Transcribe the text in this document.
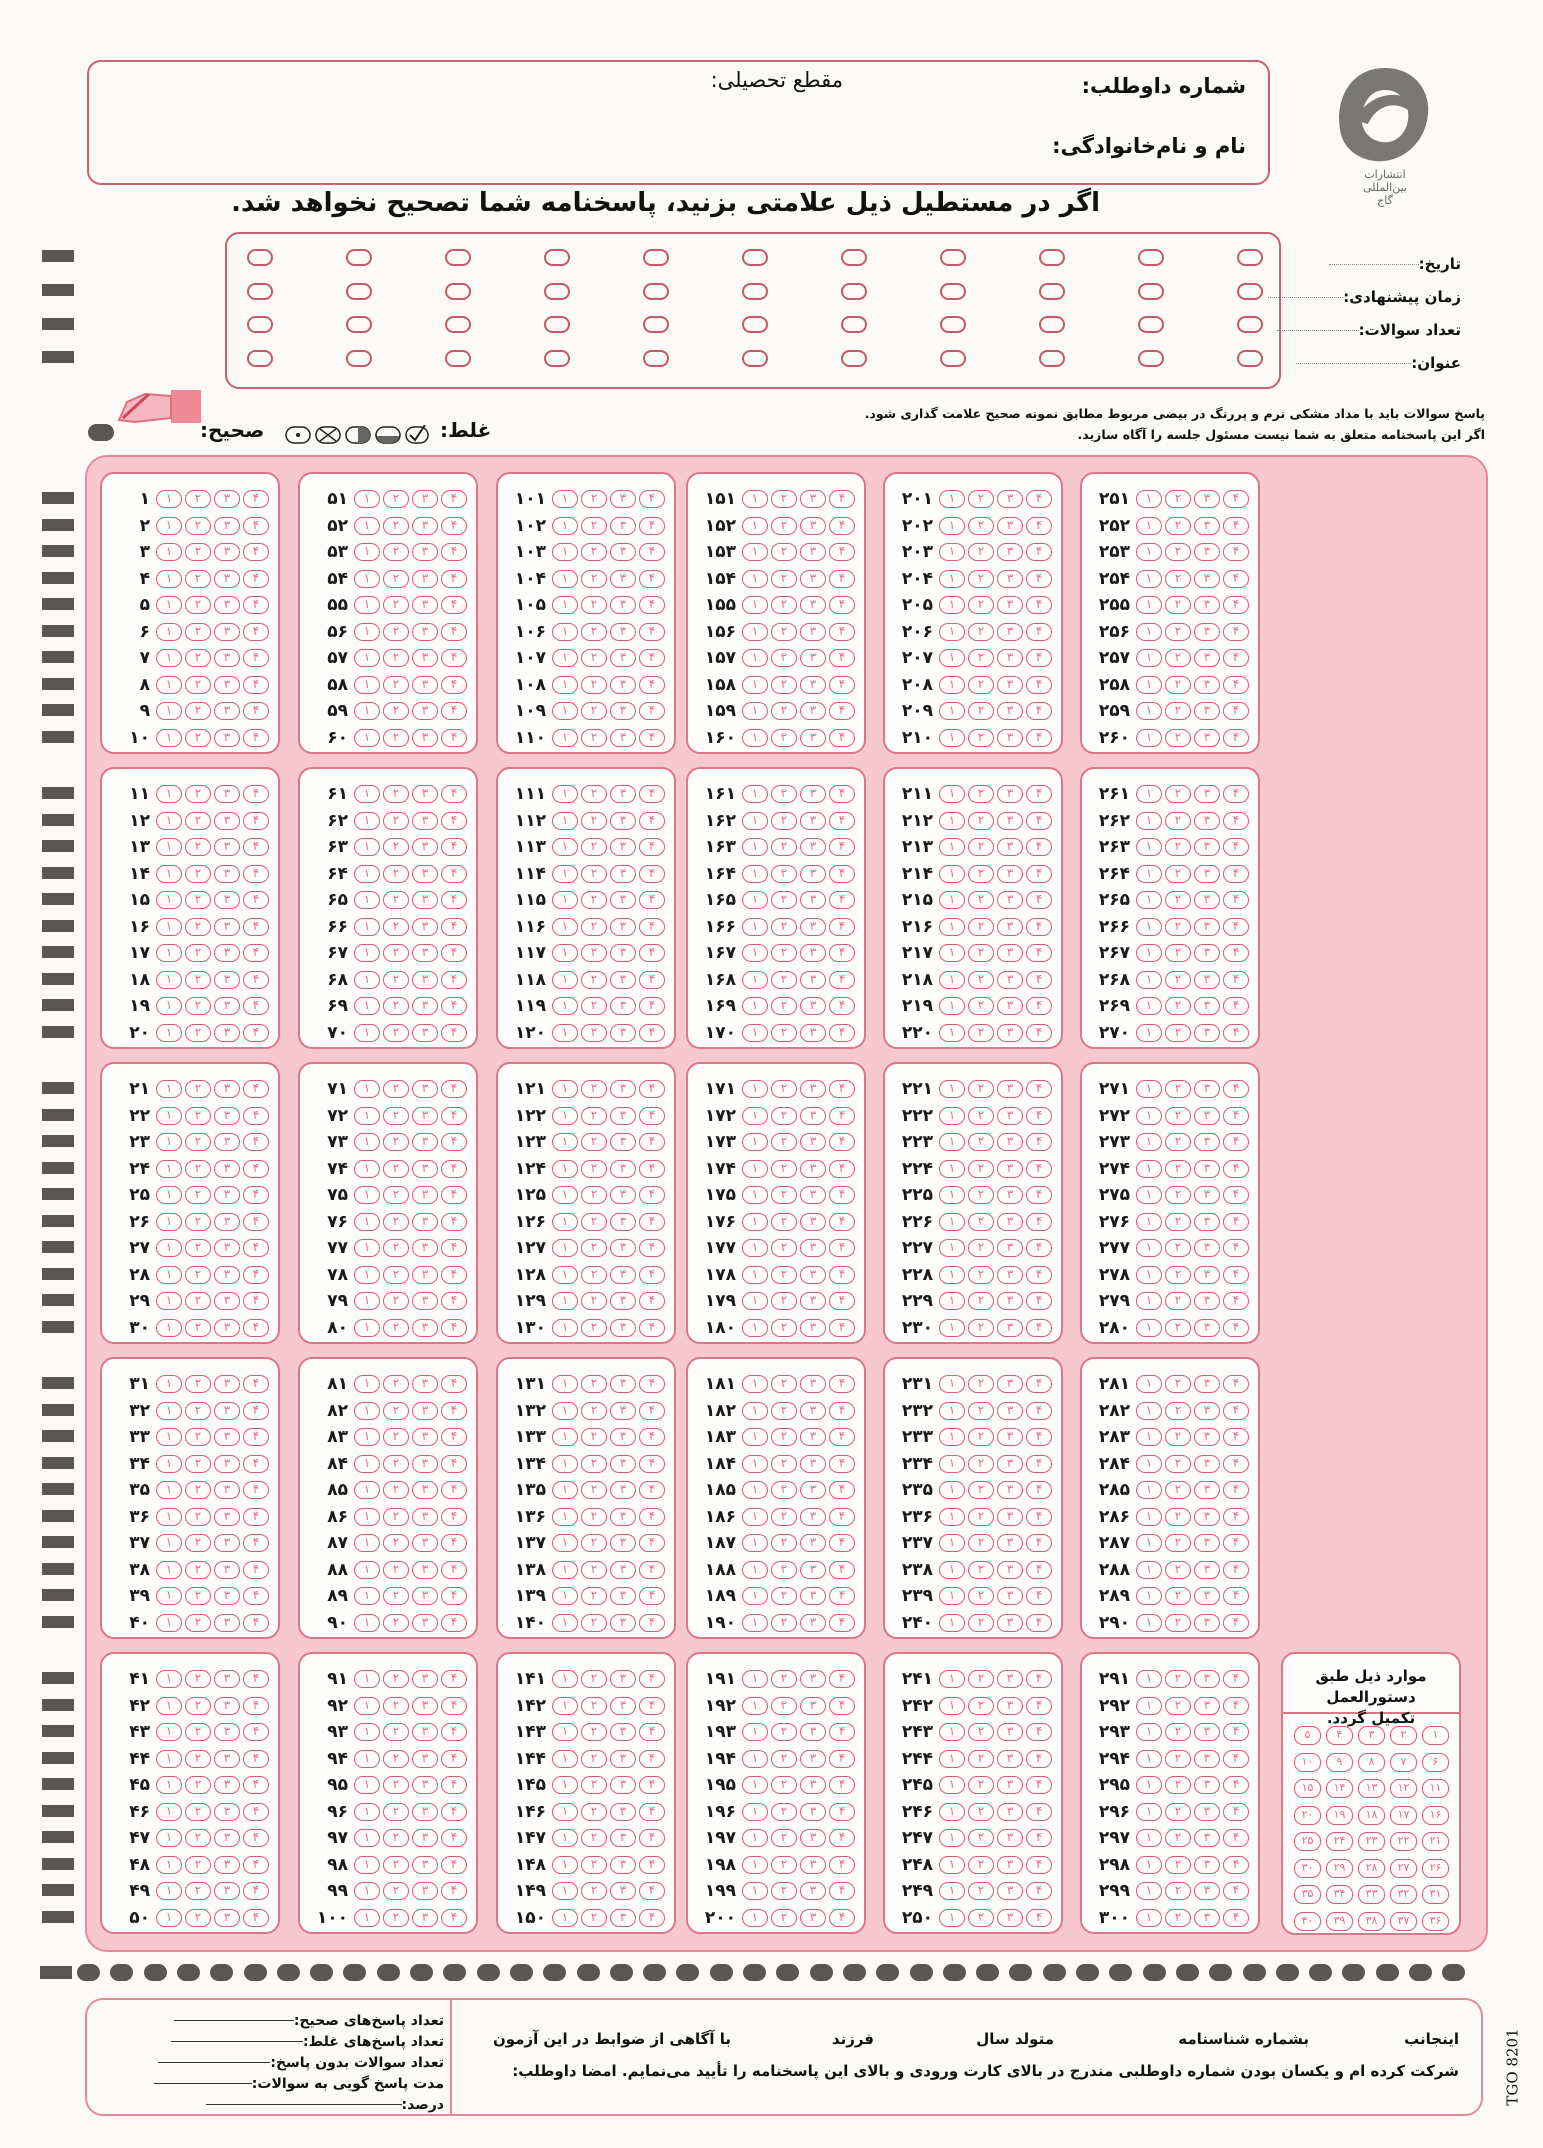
شماره داوطلب:
نام و نام‌خانوادگی:
مقطع تحصیلی:
انتشارات
بین‌المللی
گاج
اگر در مستطیل ذیل علامتی بزنید، پاسخنامه شما تصحیح نخواهد شد.
تاریخ:
زمان پیشنهادی:
تعداد سوالات:
عنوان:
پاسخ سوالات باید با مداد مشکی نرم و پررنگ در بیضی مربوط مطابق نمونه صحیح علامت گذاری شود.
اگر این پاسخنامه متعلق به شما نیست مسئول جلسه را آگاه سازید.
صحیح:	غلط:
۱	۱	۲	۳	۴
۲	۱	۲	۳	۴
۳	۱	۲	۳	۴
۴	۱	۲	۳	۴
۵	۱	۲	۳	۴
۶	۱	۲	۳	۴
۷	۱	۲	۳	۴
۸	۱	۲	۳	۴
۹	۱	۲	۳	۴
۱۰	۱	۲	۳	۴
۱۱	۱	۲	۳	۴
۱۲	۱	۲	۳	۴
۱۳	۱	۲	۳	۴
۱۴	۱	۲	۳	۴
۱۵	۱	۲	۳	۴
۱۶	۱	۲	۳	۴
۱۷	۱	۲	۳	۴
۱۸	۱	۲	۳	۴
۱۹	۱	۲	۳	۴
۲۰	۱	۲	۳	۴
۲۱	۱	۲	۳	۴
۲۲	۱	۲	۳	۴
۲۳	۱	۲	۳	۴
۲۴	۱	۲	۳	۴
۲۵	۱	۲	۳	۴
۲۶	۱	۲	۳	۴
۲۷	۱	۲	۳	۴
۲۸	۱	۲	۳	۴
۲۹	۱	۲	۳	۴
۳۰	۱	۲	۳	۴
۳۱	۱	۲	۳	۴
۳۲	۱	۲	۳	۴
۳۳	۱	۲	۳	۴
۳۴	۱	۲	۳	۴
۳۵	۱	۲	۳	۴
۳۶	۱	۲	۳	۴
۳۷	۱	۲	۳	۴
۳۸	۱	۲	۳	۴
۳۹	۱	۲	۳	۴
۴۰	۱	۲	۳	۴
۴۱	۱	۲	۳	۴
۴۲	۱	۲	۳	۴
۴۳	۱	۲	۳	۴
۴۴	۱	۲	۳	۴
۴۵	۱	۲	۳	۴
۴۶	۱	۲	۳	۴
۴۷	۱	۲	۳	۴
۴۸	۱	۲	۳	۴
۴۹	۱	۲	۳	۴
۵۰	۱	۲	۳	۴
۵۱	۱	۲	۳	۴
۵۲	۱	۲	۳	۴
۵۳	۱	۲	۳	۴
۵۴	۱	۲	۳	۴
۵۵	۱	۲	۳	۴
۵۶	۱	۲	۳	۴
۵۷	۱	۲	۳	۴
۵۸	۱	۲	۳	۴
۵۹	۱	۲	۳	۴
۶۰	۱	۲	۳	۴
۶۱	۱	۲	۳	۴
۶۲	۱	۲	۳	۴
۶۳	۱	۲	۳	۴
۶۴	۱	۲	۳	۴
۶۵	۱	۲	۳	۴
۶۶	۱	۲	۳	۴
۶۷	۱	۲	۳	۴
۶۸	۱	۲	۳	۴
۶۹	۱	۲	۳	۴
۷۰	۱	۲	۳	۴
۷۱	۱	۲	۳	۴
۷۲	۱	۲	۳	۴
۷۳	۱	۲	۳	۴
۷۴	۱	۲	۳	۴
۷۵	۱	۲	۳	۴
۷۶	۱	۲	۳	۴
۷۷	۱	۲	۳	۴
۷۸	۱	۲	۳	۴
۷۹	۱	۲	۳	۴
۸۰	۱	۲	۳	۴
۸۱	۱	۲	۳	۴
۸۲	۱	۲	۳	۴
۸۳	۱	۲	۳	۴
۸۴	۱	۲	۳	۴
۸۵	۱	۲	۳	۴
۸۶	۱	۲	۳	۴
۸۷	۱	۲	۳	۴
۸۸	۱	۲	۳	۴
۸۹	۱	۲	۳	۴
۹۰	۱	۲	۳	۴
۹۱	۱	۲	۳	۴
۹۲	۱	۲	۳	۴
۹۳	۱	۲	۳	۴
۹۴	۱	۲	۳	۴
۹۵	۱	۲	۳	۴
۹۶	۱	۲	۳	۴
۹۷	۱	۲	۳	۴
۹۸	۱	۲	۳	۴
۹۹	۱	۲	۳	۴
۱۰۰	۱	۲	۳	۴
۱۰۱	۱	۲	۳	۴
۱۰۲	۱	۲	۳	۴
۱۰۳	۱	۲	۳	۴
۱۰۴	۱	۲	۳	۴
۱۰۵	۱	۲	۳	۴
۱۰۶	۱	۲	۳	۴
۱۰۷	۱	۲	۳	۴
۱۰۸	۱	۲	۳	۴
۱۰۹	۱	۲	۳	۴
۱۱۰	۱	۲	۳	۴
۱۱۱	۱	۲	۳	۴
۱۱۲	۱	۲	۳	۴
۱۱۳	۱	۲	۳	۴
۱۱۴	۱	۲	۳	۴
۱۱۵	۱	۲	۳	۴
۱۱۶	۱	۲	۳	۴
۱۱۷	۱	۲	۳	۴
۱۱۸	۱	۲	۳	۴
۱۱۹	۱	۲	۳	۴
۱۲۰	۱	۲	۳	۴
۱۲۱	۱	۲	۳	۴
۱۲۲	۱	۲	۳	۴
۱۲۳	۱	۲	۳	۴
۱۲۴	۱	۲	۳	۴
۱۲۵	۱	۲	۳	۴
۱۲۶	۱	۲	۳	۴
۱۲۷	۱	۲	۳	۴
۱۲۸	۱	۲	۳	۴
۱۲۹	۱	۲	۳	۴
۱۳۰	۱	۲	۳	۴
۱۳۱	۱	۲	۳	۴
۱۳۲	۱	۲	۳	۴
۱۳۳	۱	۲	۳	۴
۱۳۴	۱	۲	۳	۴
۱۳۵	۱	۲	۳	۴
۱۳۶	۱	۲	۳	۴
۱۳۷	۱	۲	۳	۴
۱۳۸	۱	۲	۳	۴
۱۳۹	۱	۲	۳	۴
۱۴۰	۱	۲	۳	۴
۱۴۱	۱	۲	۳	۴
۱۴۲	۱	۲	۳	۴
۱۴۳	۱	۲	۳	۴
۱۴۴	۱	۲	۳	۴
۱۴۵	۱	۲	۳	۴
۱۴۶	۱	۲	۳	۴
۱۴۷	۱	۲	۳	۴
۱۴۸	۱	۲	۳	۴
۱۴۹	۱	۲	۳	۴
۱۵۰	۱	۲	۳	۴
۱۵۱	۱	۲	۳	۴
۱۵۲	۱	۲	۳	۴
۱۵۳	۱	۲	۳	۴
۱۵۴	۱	۲	۳	۴
۱۵۵	۱	۲	۳	۴
۱۵۶	۱	۲	۳	۴
۱۵۷	۱	۲	۳	۴
۱۵۸	۱	۲	۳	۴
۱۵۹	۱	۲	۳	۴
۱۶۰	۱	۲	۳	۴
۱۶۱	۱	۲	۳	۴
۱۶۲	۱	۲	۳	۴
۱۶۳	۱	۲	۳	۴
۱۶۴	۱	۲	۳	۴
۱۶۵	۱	۲	۳	۴
۱۶۶	۱	۲	۳	۴
۱۶۷	۱	۲	۳	۴
۱۶۸	۱	۲	۳	۴
۱۶۹	۱	۲	۳	۴
۱۷۰	۱	۲	۳	۴
۱۷۱	۱	۲	۳	۴
۱۷۲	۱	۲	۳	۴
۱۷۳	۱	۲	۳	۴
۱۷۴	۱	۲	۳	۴
۱۷۵	۱	۲	۳	۴
۱۷۶	۱	۲	۳	۴
۱۷۷	۱	۲	۳	۴
۱۷۸	۱	۲	۳	۴
۱۷۹	۱	۲	۳	۴
۱۸۰	۱	۲	۳	۴
۱۸۱	۱	۲	۳	۴
۱۸۲	۱	۲	۳	۴
۱۸۳	۱	۲	۳	۴
۱۸۴	۱	۲	۳	۴
۱۸۵	۱	۲	۳	۴
۱۸۶	۱	۲	۳	۴
۱۸۷	۱	۲	۳	۴
۱۸۸	۱	۲	۳	۴
۱۸۹	۱	۲	۳	۴
۱۹۰	۱	۲	۳	۴
۱۹۱	۱	۲	۳	۴
۱۹۲	۱	۲	۳	۴
۱۹۳	۱	۲	۳	۴
۱۹۴	۱	۲	۳	۴
۱۹۵	۱	۲	۳	۴
۱۹۶	۱	۲	۳	۴
۱۹۷	۱	۲	۳	۴
۱۹۸	۱	۲	۳	۴
۱۹۹	۱	۲	۳	۴
۲۰۰	۱	۲	۳	۴
۲۰۱	۱	۲	۳	۴
۲۰۲	۱	۲	۳	۴
۲۰۳	۱	۲	۳	۴
۲۰۴	۱	۲	۳	۴
۲۰۵	۱	۲	۳	۴
۲۰۶	۱	۲	۳	۴
۲۰۷	۱	۲	۳	۴
۲۰۸	۱	۲	۳	۴
۲۰۹	۱	۲	۳	۴
۲۱۰	۱	۲	۳	۴
۲۱۱	۱	۲	۳	۴
۲۱۲	۱	۲	۳	۴
۲۱۳	۱	۲	۳	۴
۲۱۴	۱	۲	۳	۴
۲۱۵	۱	۲	۳	۴
۲۱۶	۱	۲	۳	۴
۲۱۷	۱	۲	۳	۴
۲۱۸	۱	۲	۳	۴
۲۱۹	۱	۲	۳	۴
۲۲۰	۱	۲	۳	۴
۲۲۱	۱	۲	۳	۴
۲۲۲	۱	۲	۳	۴
۲۲۳	۱	۲	۳	۴
۲۲۴	۱	۲	۳	۴
۲۲۵	۱	۲	۳	۴
۲۲۶	۱	۲	۳	۴
۲۲۷	۱	۲	۳	۴
۲۲۸	۱	۲	۳	۴
۲۲۹	۱	۲	۳	۴
۲۳۰	۱	۲	۳	۴
۲۳۱	۱	۲	۳	۴
۲۳۲	۱	۲	۳	۴
۲۳۳	۱	۲	۳	۴
۲۳۴	۱	۲	۳	۴
۲۳۵	۱	۲	۳	۴
۲۳۶	۱	۲	۳	۴
۲۳۷	۱	۲	۳	۴
۲۳۸	۱	۲	۳	۴
۲۳۹	۱	۲	۳	۴
۲۴۰	۱	۲	۳	۴
۲۴۱	۱	۲	۳	۴
۲۴۲	۱	۲	۳	۴
۲۴۳	۱	۲	۳	۴
۲۴۴	۱	۲	۳	۴
۲۴۵	۱	۲	۳	۴
۲۴۶	۱	۲	۳	۴
۲۴۷	۱	۲	۳	۴
۲۴۸	۱	۲	۳	۴
۲۴۹	۱	۲	۳	۴
۲۵۰	۱	۲	۳	۴
۲۵۱	۱	۲	۳	۴
۲۵۲	۱	۲	۳	۴
۲۵۳	۱	۲	۳	۴
۲۵۴	۱	۲	۳	۴
۲۵۵	۱	۲	۳	۴
۲۵۶	۱	۲	۳	۴
۲۵۷	۱	۲	۳	۴
۲۵۸	۱	۲	۳	۴
۲۵۹	۱	۲	۳	۴
۲۶۰	۱	۲	۳	۴
۲۶۱	۱	۲	۳	۴
۲۶۲	۱	۲	۳	۴
۲۶۳	۱	۲	۳	۴
۲۶۴	۱	۲	۳	۴
۲۶۵	۱	۲	۳	۴
۲۶۶	۱	۲	۳	۴
۲۶۷	۱	۲	۳	۴
۲۶۸	۱	۲	۳	۴
۲۶۹	۱	۲	۳	۴
۲۷۰	۱	۲	۳	۴
۲۷۱	۱	۲	۳	۴
۲۷۲	۱	۲	۳	۴
۲۷۳	۱	۲	۳	۴
۲۷۴	۱	۲	۳	۴
۲۷۵	۱	۲	۳	۴
۲۷۶	۱	۲	۳	۴
۲۷۷	۱	۲	۳	۴
۲۷۸	۱	۲	۳	۴
۲۷۹	۱	۲	۳	۴
۲۸۰	۱	۲	۳	۴
۲۸۱	۱	۲	۳	۴
۲۸۲	۱	۲	۳	۴
۲۸۳	۱	۲	۳	۴
۲۸۴	۱	۲	۳	۴
۲۸۵	۱	۲	۳	۴
۲۸۶	۱	۲	۳	۴
۲۸۷	۱	۲	۳	۴
۲۸۸	۱	۲	۳	۴
۲۸۹	۱	۲	۳	۴
۲۹۰	۱	۲	۳	۴
۲۹۱	۱	۲	۳	۴
۲۹۲	۱	۲	۳	۴
۲۹۳	۱	۲	۳	۴
۲۹۴	۱	۲	۳	۴
۲۹۵	۱	۲	۳	۴
۲۹۶	۱	۲	۳	۴
۲۹۷	۱	۲	۳	۴
۲۹۸	۱	۲	۳	۴
۲۹۹	۱	۲	۳	۴
۳۰۰	۱	۲	۳	۴
موارد ذیل طبق دستورالعمل
تکمیل گردد.
۱
۲
۳
۴
۵
۶
۷
۸
۹
۱۰
۱۱
۱۲
۱۳
۱۴
۱۵
۱۶
۱۷
۱۸
۱۹
۲۰
۲۱
۲۲
۲۳
۲۴
۲۵
۲۶
۲۷
۲۸
۲۹
۳۰
۳۱
۳۲
۳۳
۳۴
۳۵
۳۶
۳۷
۳۸
۳۹
۴۰
تعداد پاسخ‌های صحیح:
تعداد پاسخ‌های غلط:
تعداد سوالات بدون پاسخ:
مدت پاسخ گویی به سوالات:
درصد:
اینجانب
بشماره شناسنامه
متولد سال
فرزند
با آگاهی از ضوابط در این آزمون
شرکت کرده ام و یکسان بودن شماره داوطلبی مندرج در بالای کارت ورودی و بالای این پاسخنامه را تأیید می‌نمایم. امضا داوطلب:	TGO 8201
